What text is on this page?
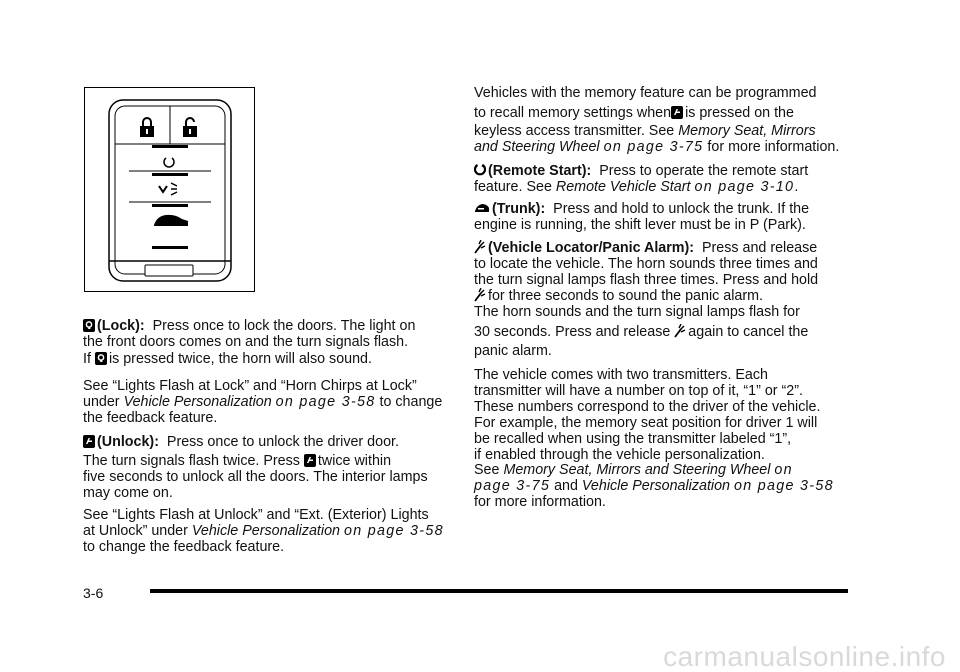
(Lock): Press once to lock the doors. The light on

the front doors comes on and the turn signals flash.

If is pressed twice, the horn will also sound.

See “Lights Flash at Lock” and “Horn Chirps at Lock”

under Vehicle Personalization on page 3-58 to change

the feedback feature.

(Unlock): Press once to unlock the driver door.

The turn signals flash twice. Press twice within

five seconds to unlock all the doors. The interior lamps

may come on.

See “Lights Flash at Unlock” and “Ext. (Exterior) Lights

at Unlock” under Vehicle Personalization on page 3-58

to change the feedback feature.

Vehicles with the memory feature can be programmed

to recall memory settings when is pressed on the

keyless access transmitter. See Memory Seat, Mirrors

and Steering Wheel on page 3-75 for more information.

(Remote Start): Press to operate the remote start

feature. See Remote Vehicle Start on page 3-10.

(Trunk): Press and hold to unlock the trunk. If the

engine is running, the shift lever must be in P (Park).

(Vehicle Locator/Panic Alarm): Press and release

to locate the vehicle. The horn sounds three times and

the turn signal lamps flash three times. Press and hold

for three seconds to sound the panic alarm.

The horn sounds and the turn signal lamps flash for

30 seconds. Press and release again to cancel the

panic alarm.

The vehicle comes with two transmitters. Each

transmitter will have a number on top of it, “1” or “2”.

These numbers correspond to the driver of the vehicle.

For example, the memory seat position for driver 1 will

be recalled when using the transmitter labeled “1”,

if enabled through the vehicle personalization.

See Memory Seat, Mirrors and Steering Wheel on

page 3-75 and Vehicle Personalization on page 3-58

for more information.

3-6
carmanualsonline.info
